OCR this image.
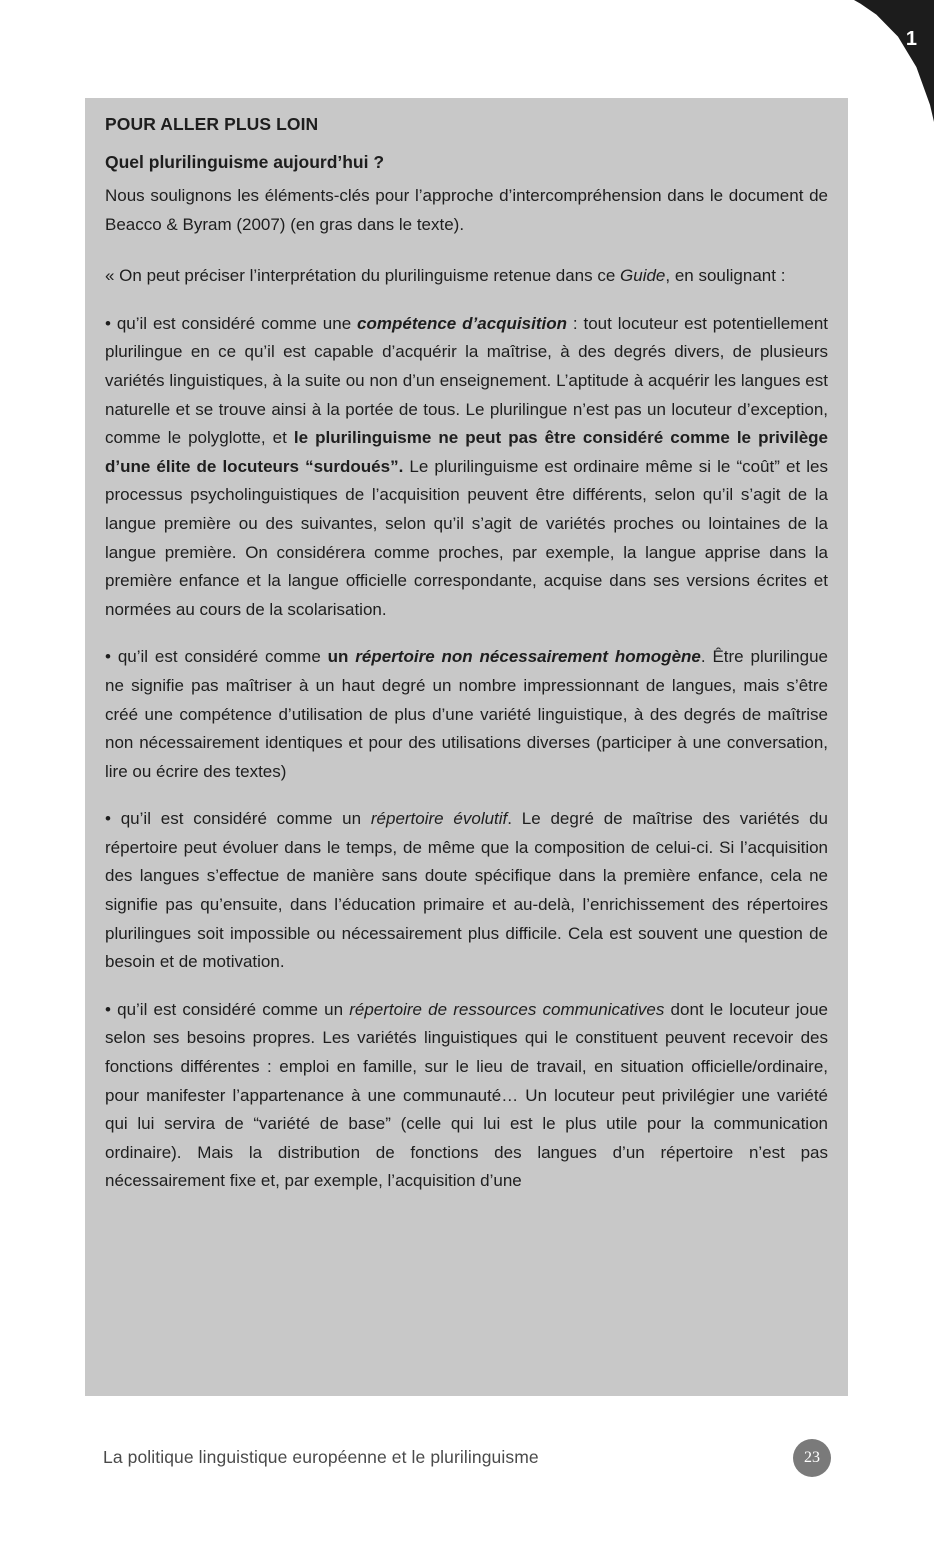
1

POUR ALLER PLUS LOIN

Quel plurilinguisme aujourd’hui ?

Nous soulignons les éléments-clés pour l’approche d’intercompréhension dans le document de Beacco & Byram (2007) (en gras dans le texte).

« On peut préciser l’interprétation du plurilinguisme retenue dans ce Guide, en soulignant :

• qu’il est considéré comme une compétence d’acquisition : tout locuteur est potentiellement plurilingue en ce qu’il est capable d’acquérir la maîtrise, à des degrés divers, de plusieurs variétés linguistiques, à la suite ou non d’un enseignement. L’aptitude à acquérir les langues est naturelle et se trouve ainsi à la portée de tous. Le plurilingue n’est pas un locuteur d’exception, comme le polyglotte, et le plurilinguisme ne peut pas être considéré comme le privilège d’une élite de locuteurs “surdoués”. Le plurilinguisme est ordinaire même si le “coût” et les processus psycholinguistiques de l’acquisition peuvent être différents, selon qu’il s’agit de la langue première ou des suivantes, selon qu’il s’agit de variétés proches ou lointaines de la langue première. On considérera comme proches, par exemple, la langue apprise dans la première enfance et la langue officielle correspondante, acquise dans ses versions écrites et normées au cours de la scolarisation.

• qu’il est considéré comme un répertoire non nécessairement homogène. Être plurilingue ne signifie pas maîtriser à un haut degré un nombre impressionnant de langues, mais s’être créé une compétence d’utilisation de plus d’une variété linguistique, à des degrés de maîtrise non nécessairement identiques et pour des utilisations diverses (participer à une conversation, lire ou écrire des textes)

• qu’il est considéré comme un répertoire évolutif. Le degré de maîtrise des variétés du répertoire peut évoluer dans le temps, de même que la composition de celui-ci. Si l’acquisition des langues s’effectue de manière sans doute spécifique dans la première enfance, cela ne signifie pas qu’ensuite, dans l’éducation primaire et au-delà, l’enrichissement des répertoires plurilingues soit impossible ou nécessairement plus difficile. Cela est souvent une question de besoin et de motivation.

• qu’il est considéré comme un répertoire de ressources communicatives dont le locuteur joue selon ses besoins propres. Les variétés linguistiques qui le constituent peuvent recevoir des fonctions différentes : emploi en famille, sur le lieu de travail, en situation officielle/ordinaire, pour manifester l’appartenance à une communauté… Un locuteur peut privilégier une variété qui lui servira de “variété de base” (celle qui lui est le plus utile pour la communication ordinaire). Mais la distribution de fonctions des langues d’un répertoire n’est pas nécessairement fixe et, par exemple, l’acquisition d’une

La politique linguistique européenne et le plurilinguisme	23
